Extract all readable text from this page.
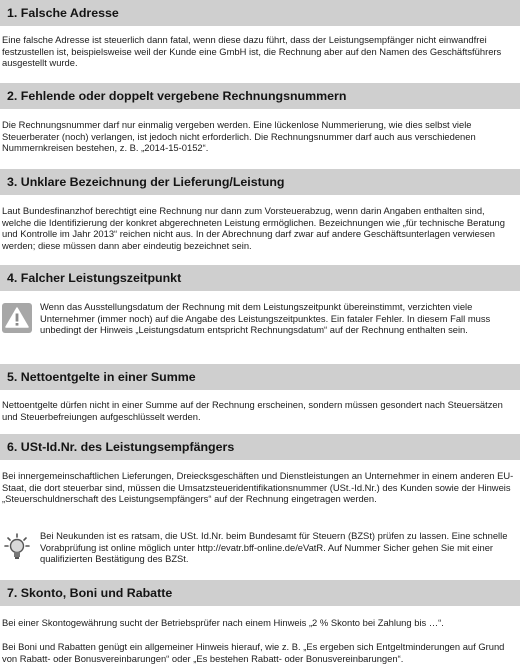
1. Falsche Adresse

Eine falsche Adresse ist steuerlich dann fatal, wenn diese dazu führt, dass der Leistungsempfänger nicht einwandfrei festzustellen ist, beispielsweise weil der Kunde eine GmbH ist, die Rechnung aber auf den Namen des Geschäftsführers ausgestellt wurde.

2. Fehlende oder doppelt vergebene Rechnungsnummern

Die Rechnungsnummer darf nur einmalig vergeben werden. Eine lückenlose Nummerierung, wie dies selbst viele Steuerberater (noch) verlangen, ist jedoch nicht erforderlich. Die Rechnungsnummer darf auch aus verschiedenen Nummernkreisen bestehen, z. B. „2014-15-0152“.

3. Unklare Bezeichnung der Lieferung/Leistung

Laut Bundesfinanzhof berechtigt eine Rechnung nur dann zum Vorsteuerabzug, wenn darin Angaben enthalten sind, welche die Identifizierung der konkret abgerechneten Leistung ermöglichen. Bezeichnungen wie „für technische Beratung und Kontrolle im Jahr 2013“ reichen nicht aus. In der Abrechnung darf zwar auf andere Geschäftsunterlagen verwiesen werden; diese müssen dann aber eindeutig bezeichnet sein.

4. Falcher Leistungszeitpunkt
Wenn das Ausstellungsdatum der Rechnung mit dem Leistungszeitpunkt übereinstimmt, verzichten viele Unternehmer (immer noch) auf die Angabe des Leistungszeitpunktes. Ein fataler Fehler. In diesem Fall muss unbedingt der Hinweis „Leistungsdatum entspricht Rechnungsdatum“ auf der Rechnung enthalten sein.
5. Nettoentgelte in einer Summe

Nettoentgelte dürfen nicht in einer Summe auf der Rechnung erscheinen, sondern müssen gesondert nach Steuersätzen und Steuerbefreiungen aufgeschlüsselt werden.

6. USt-Id.Nr. des Leistungsempfängers

Bei innergemeinschaftlichen Lieferungen, Dreiecksgeschäften und Dienstleistungen an Unternehmer in einem anderen EU-Staat, die dort steuerbar sind, müssen die Umsatzsteueridentifikationsnummer (USt.-Id.Nr.) des Kunden sowie der Hinweis „Steuerschuldnerschaft des Leistungsempfängers“ auf der Rechnung eingetragen werden.

Bei Neukunden ist es ratsam, die USt. Id.Nr. beim Bundesamt für Steuern (BZSt) prüfen zu lassen. Eine schnelle Vorabprüfung ist online möglich unter http://evatr.bff-online.de/eVatR. Auf Nummer Sicher gehen Sie mit einer qualifizierten Bestätigung des BZSt.
7. Skonto, Boni und Rabatte

Bei einer Skontogewährung sucht der Betriebsprüfer nach einem Hinweis „2 % Skonto bei Zahlung bis …“.

Bei Boni und Rabatten genügt ein allgemeiner Hinweis hierauf, wie z. B. „Es ergeben sich Entgeltminderungen auf Grund von Rabatt- oder Bonusvereinbarungen“ oder „Es bestehen Rabatt- oder Bonusvereinbarungen“.
